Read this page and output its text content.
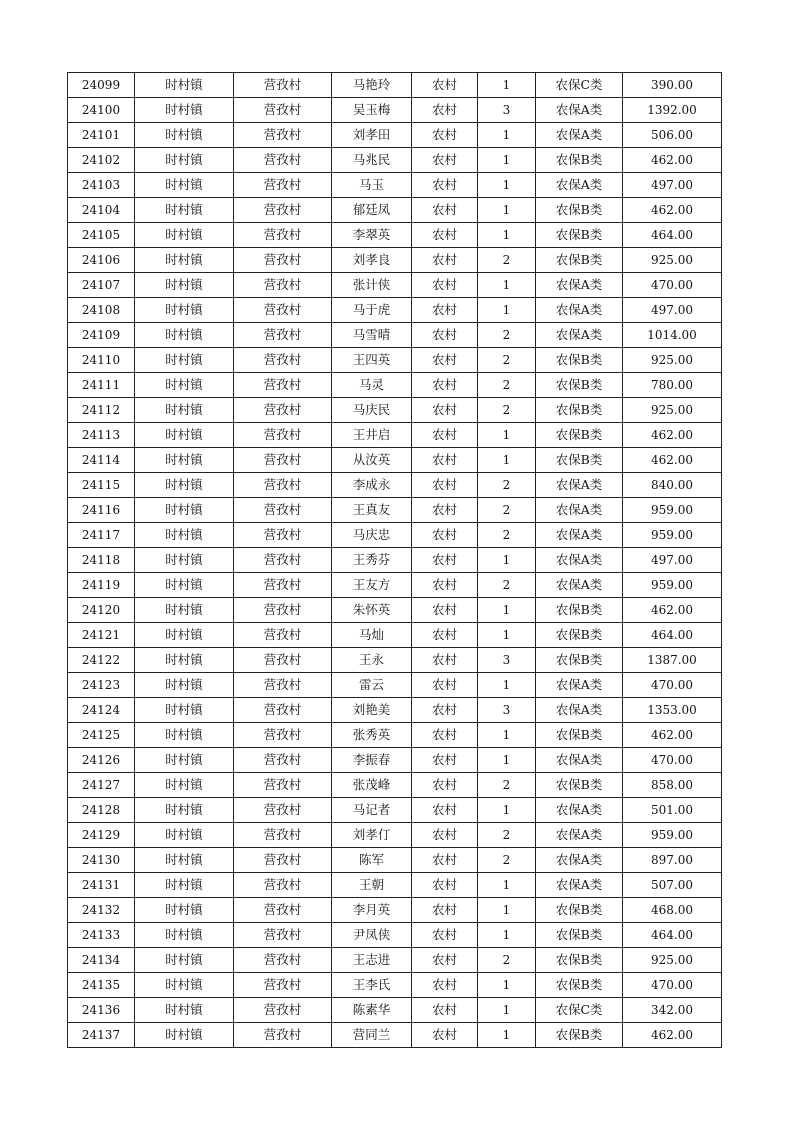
24099	时村镇	营孜村	马艳玲	农村	1	农保C类	390.00
24100	时村镇	营孜村	吴玉梅	农村	3	农保A类	1392.00
24101	时村镇	营孜村	刘孝田	农村	1	农保A类	506.00
24102	时村镇	营孜村	马兆民	农村	1	农保B类	462.00
24103	时村镇	营孜村	马玉	农村	1	农保A类	497.00
24104	时村镇	营孜村	郁廷凤	农村	1	农保B类	462.00
24105	时村镇	营孜村	李翠英	农村	1	农保B类	464.00
24106	时村镇	营孜村	刘孝良	农村	2	农保B类	925.00
24107	时村镇	营孜村	张计侠	农村	1	农保A类	470.00
24108	时村镇	营孜村	马于虎	农村	1	农保A类	497.00
24109	时村镇	营孜村	马雪晴	农村	2	农保A类	1014.00
24110	时村镇	营孜村	王四英	农村	2	农保B类	925.00
24111	时村镇	营孜村	马灵	农村	2	农保B类	780.00
24112	时村镇	营孜村	马庆民	农村	2	农保B类	925.00
24113	时村镇	营孜村	王井启	农村	1	农保B类	462.00
24114	时村镇	营孜村	从汝英	农村	1	农保B类	462.00
24115	时村镇	营孜村	李成永	农村	2	农保A类	840.00
24116	时村镇	营孜村	王真友	农村	2	农保A类	959.00
24117	时村镇	营孜村	马庆忠	农村	2	农保A类	959.00
24118	时村镇	营孜村	王秀芬	农村	1	农保A类	497.00
24119	时村镇	营孜村	王友方	农村	2	农保A类	959.00
24120	时村镇	营孜村	朱怀英	农村	1	农保B类	462.00
24121	时村镇	营孜村	马灿	农村	1	农保B类	464.00
24122	时村镇	营孜村	王永	农村	3	农保B类	1387.00
24123	时村镇	营孜村	雷云	农村	1	农保A类	470.00
24124	时村镇	营孜村	刘艳美	农村	3	农保A类	1353.00
24125	时村镇	营孜村	张秀英	农村	1	农保B类	462.00
24126	时村镇	营孜村	李振春	农村	1	农保A类	470.00
24127	时村镇	营孜村	张茂峰	农村	2	农保B类	858.00
24128	时村镇	营孜村	马记者	农村	1	农保A类	501.00
24129	时村镇	营孜村	刘孝仃	农村	2	农保A类	959.00
24130	时村镇	营孜村	陈军	农村	2	农保A类	897.00
24131	时村镇	营孜村	王朝	农村	1	农保A类	507.00
24132	时村镇	营孜村	李月英	农村	1	农保B类	468.00
24133	时村镇	营孜村	尹凤侠	农村	1	农保B类	464.00
24134	时村镇	营孜村	王志进	农村	2	农保B类	925.00
24135	时村镇	营孜村	王李氏	农村	1	农保B类	470.00
24136	时村镇	营孜村	陈素华	农村	1	农保C类	342.00
24137	时村镇	营孜村	营同兰	农村	1	农保B类	462.00
